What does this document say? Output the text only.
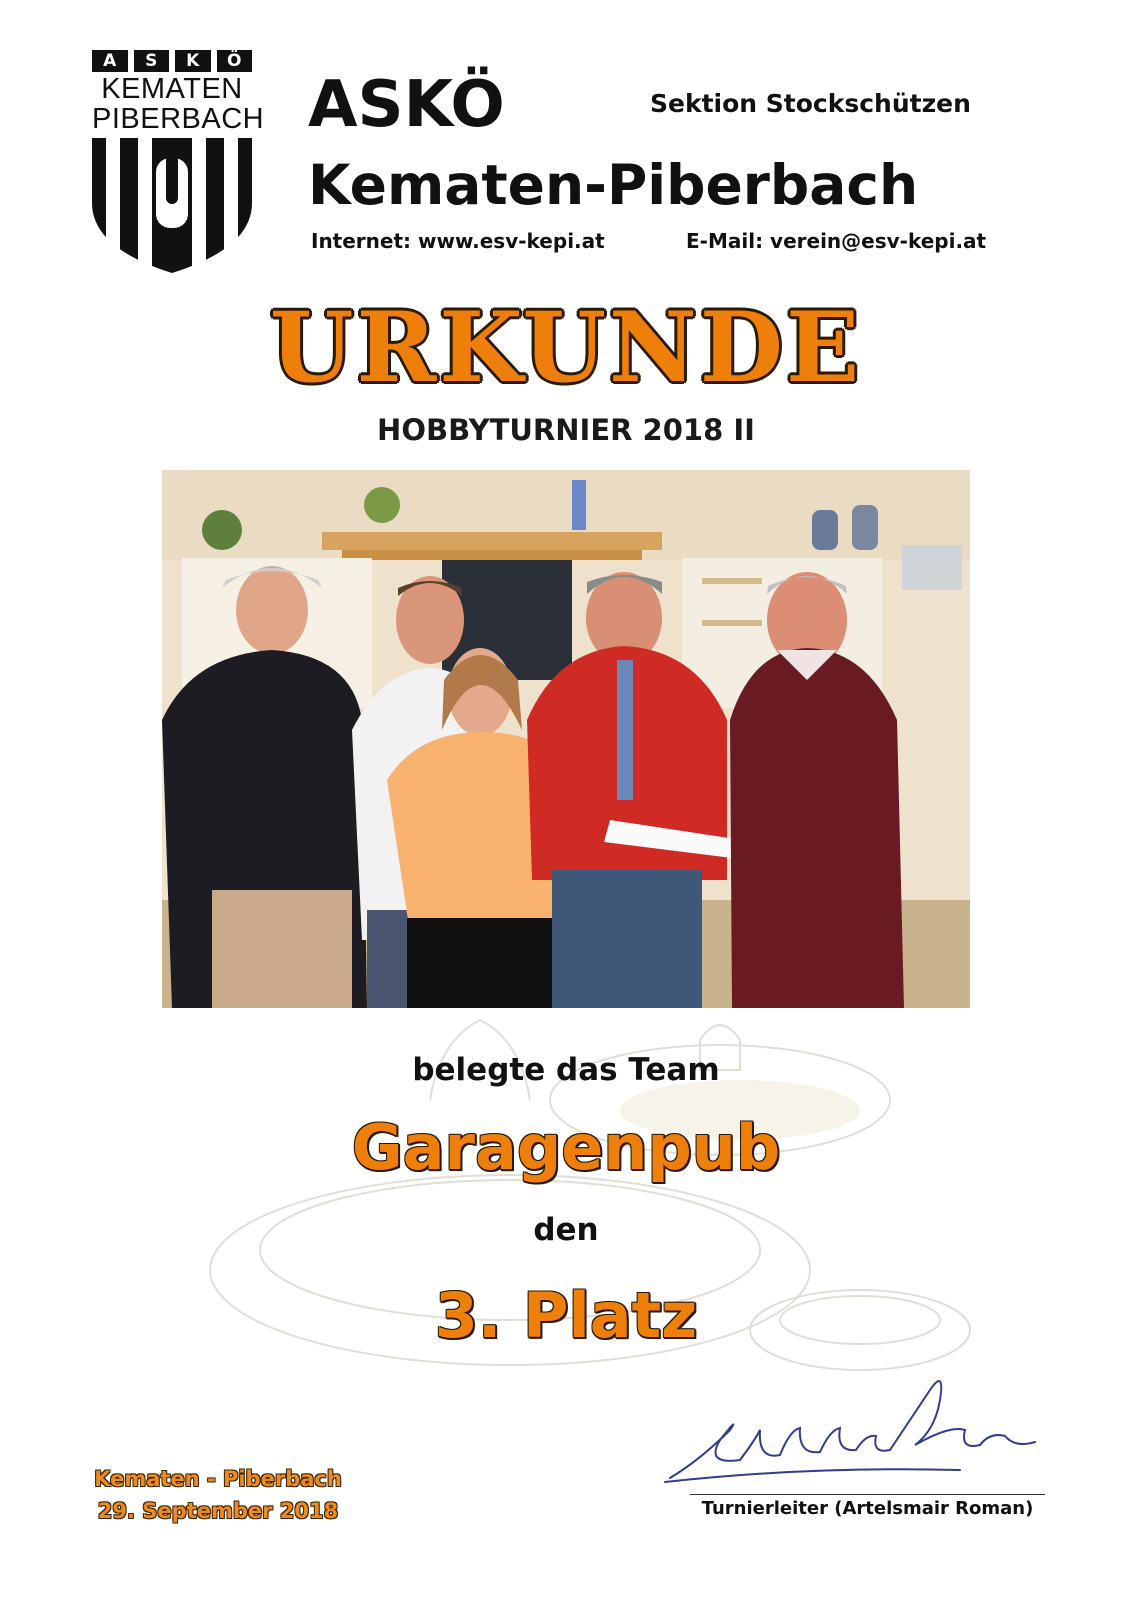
A	S	K	Ö
KEMATEN
PIBERBACH ASKÖ	Sektion Stockschützen
Kematen-Piberbach
Internet: www.esv-kepi.at	E-Mail: verein@esv-kepi.at
URKUNDE
HOBBYTURNIER 2018 II
belegte das Team
Garagenpub
den
3. Platz
Kematen - Piberbach
29. September 2018	Turnierleiter (Artelsmair Roman)
